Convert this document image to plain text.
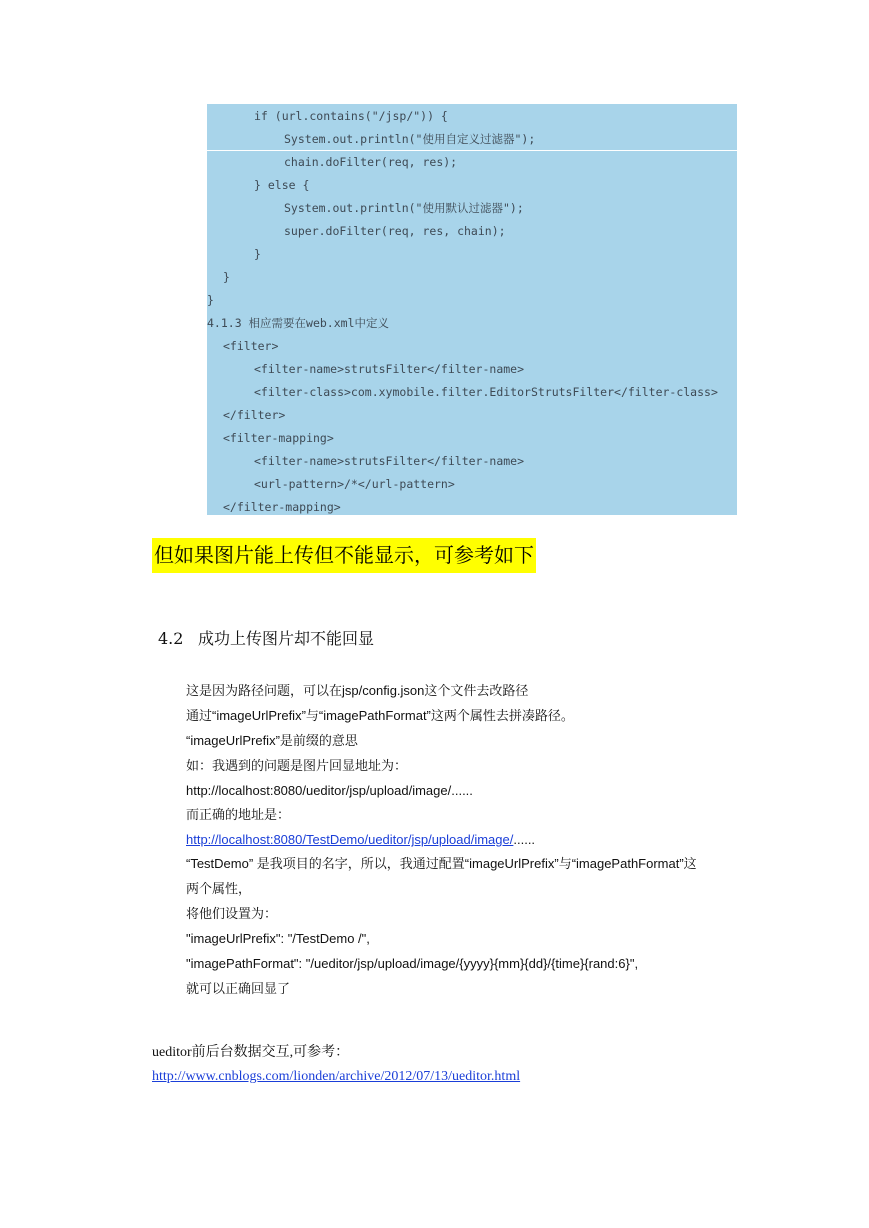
if (url.contains("/jsp/")) {
System.out.println("使用自定义过滤器");
chain.doFilter(req, res);
} else {
System.out.println("使用默认过滤器");
super.doFilter(req, res, chain);
}
}
}
4.1.3 相应需要在web.xml中定义
<filter>
<filter-name>strutsFilter</filter-name>
<filter-class>com.xymobile.filter.EditorStrutsFilter</filter-class>
</filter>
<filter-mapping>
<filter-name>strutsFilter</filter-name>
<url-pattern>/*</url-pattern>
</filter-mapping>
但如果图片能上传但不能显示，可参考如下
4.2 成功上传图片却不能回显
这是因为路径问题，可以在jsp/config.json这个文件去改路径
通过“imageUrlPrefix”与“imagePathFormat”这两个属性去拼凑路径。
“imageUrlPrefix”是前缀的意思
如：我遇到的问题是图片回显地址为：
http://localhost:8080/ueditor/jsp/upload/image/......
而正确的地址是：
http://localhost:8080/TestDemo/ueditor/jsp/upload/image/......
“TestDemo” 是我项目的名字，所以，我通过配置“imageUrlPrefix”与“imagePathFormat”这
两个属性，
将他们设置为：
"imageUrlPrefix": "/TestDemo /",
"imagePathFormat": "/ueditor/jsp/upload/image/{yyyy}{mm}{dd}/{time}{rand:6}",
就可以正确回显了
ueditor前后台数据交互,可参考：
http://www.cnblogs.com/lionden/archive/2012/07/13/ueditor.html
